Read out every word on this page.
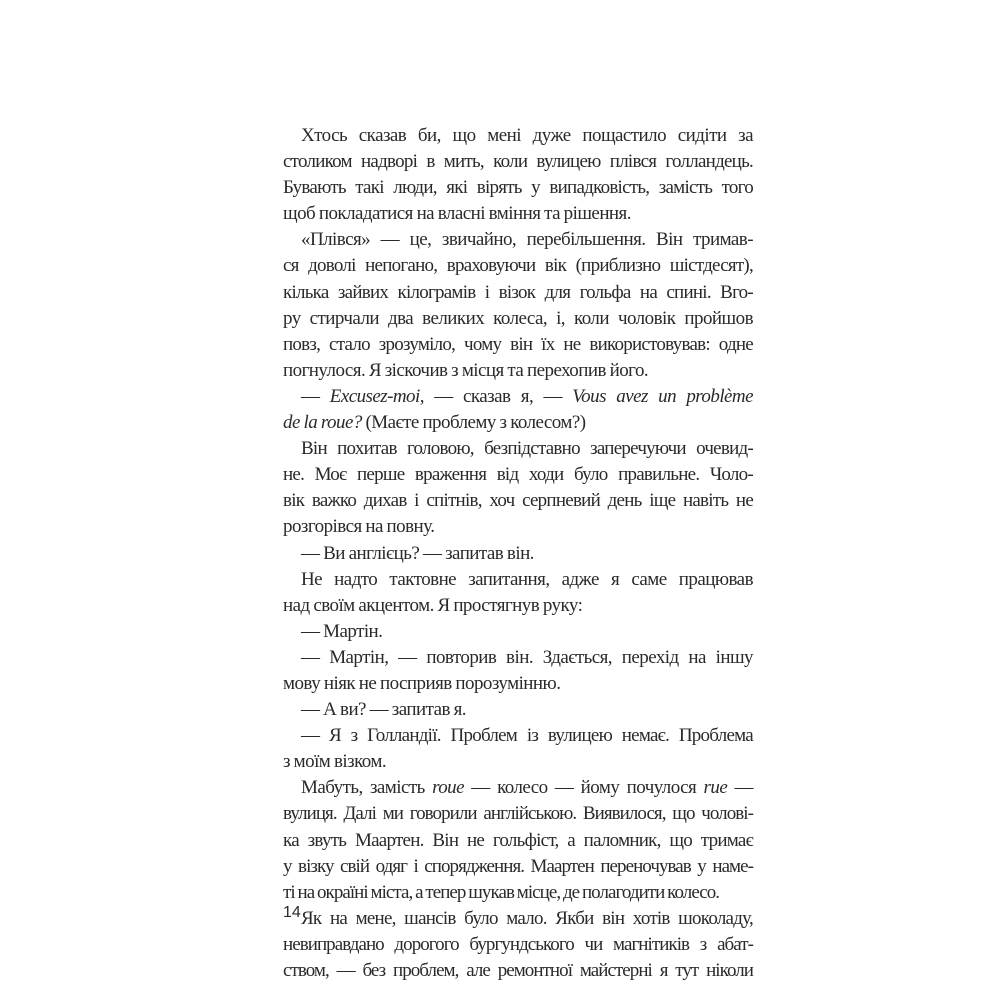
Хтось сказав би, що мені дуже пощастило сидіти за
столиком надворі в мить, коли вулицею плівся голландець.
Бувають такі люди, які вірять у випадковість, замість того
щоб покладатися на власні вміння та рішення.
«Плівся» — це, звичайно, перебільшення. Він тримав-
ся доволі непогано, враховуючи вік (приблизно шістдесят),
кілька зайвих кілограмів і візок для гольфа на спині. Вго-
ру стирчали два великих колеса, і, коли чоловік пройшов
повз, стало зрозуміло, чому він їх не використовував: одне
погнулося. Я зіскочив з місця та перехопив його.
— Excusez-moi, — сказав я, — Vous avez un problème
de la roue? (Маєте проблему з колесом?)
Він похитав головою, безпідставно заперечуючи очевид-
не. Моє перше враження від ходи було правильне. Чоло-
вік важко дихав і спітнів, хоч серпневий день іще навіть не
розгорівся на повну.
— Ви англієць? — запитав він.
Не надто тактовне запитання, адже я саме працював
над своїм акцентом. Я простягнув руку:
— Мартін.
— Мартін, — повторив він. Здається, перехід на іншу
мову ніяк не посприяв порозумінню.
— А ви? — запитав я.
— Я з Голландії. Проблем із вулицею немає. Проблема
з моїм візком.
Мабуть, замість roue — колесо — йому почулося rue —
вулиця. Далі ми говорили англійською. Виявилося, що чолові-
ка звуть Маартен. Він не гольфіст, а паломник, що тримає
у візку свій одяг і спорядження. Маартен переночував у наме-
ті на окраїні міста, а тепер шукав місце, де полагодити колесо.
Як на мене, шансів було мало. Якби він хотів шоколаду,
невиправдано дорогого бургундського чи магнітиків з абат-
ством, — без проблем, але ремонтної майстерні я тут ніколи
14
